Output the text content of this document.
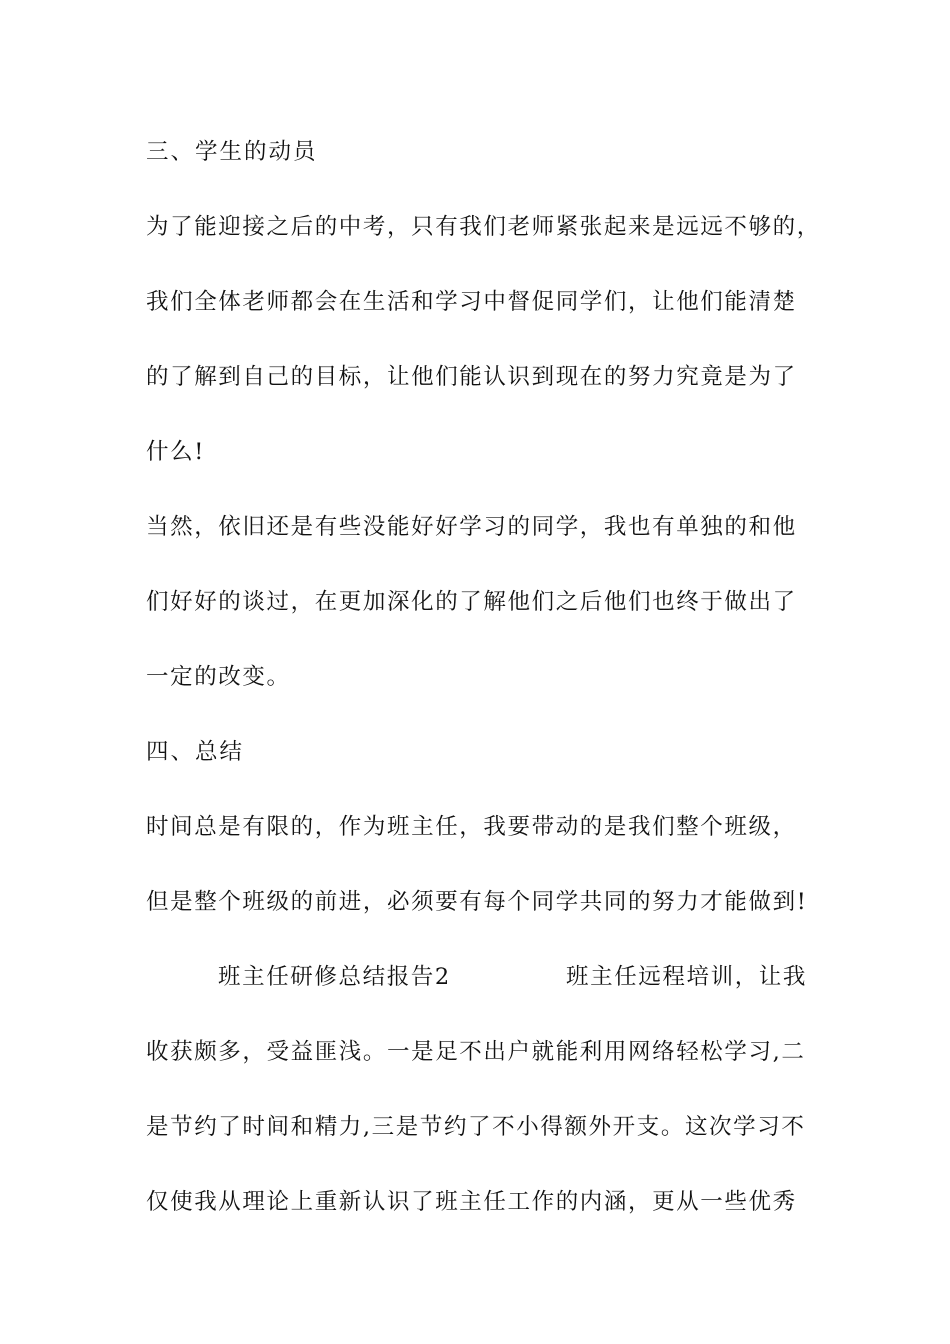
三、学生的动员
为了能迎接之后的中考，只有我们老师紧张起来是远远不够的，
我们全体老师都会在生活和学习中督促同学们，让他们能清楚
的了解到自己的目标，让他们能认识到现在的努力究竟是为了
什么!
当然，依旧还是有些没能好好学习的同学，我也有单独的和他
们好好的谈过，在更加深化的了解他们之后他们也终于做出了
一定的改变。
四、总结
时间总是有限的，作为班主任，我要带动的是我们整个班级，
但是整个班级的前进，必须要有每个同学共同的努力才能做到!
班主任研修总结报告2	班主任远程培训，让我
收获颇多，受益匪浅。一是足不出户就能利用网络轻松学习,二
是节约了时间和精力,三是节约了不小得额外开支。这次学习不
仅使我从理论上重新认识了班主任工作的内涵，更从一些优秀
